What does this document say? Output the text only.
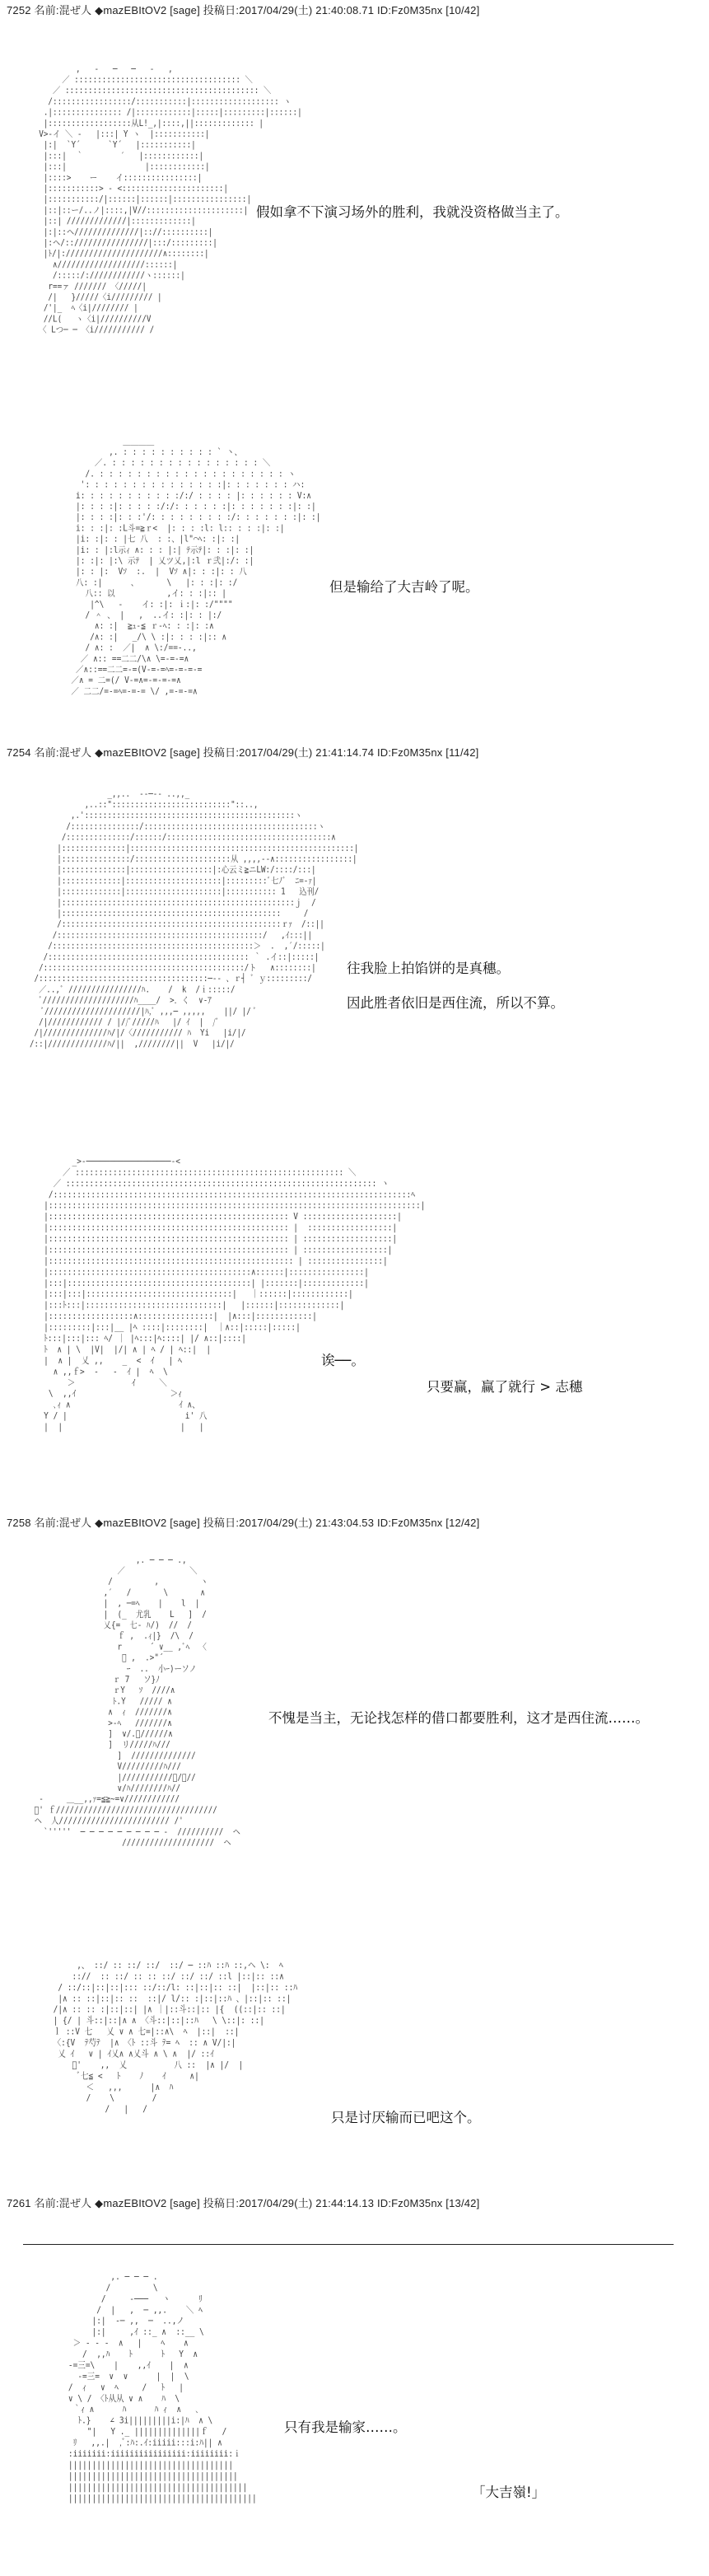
7252 名前:混ぜ人 ◆mazEBItOV2 [sage] 投稿日:2017/04/29(土) 21:40:08.71 ID:Fz0M35nx [10/42]
,   -   ─   ─   -   ,
／ :::::::::::::::::::::::::::::::::::: ＼
／ :::::::::::::::::::::::::::::::::::::::::: ＼
/:::::::::::::::::/:::::::::::|::::::::::::::::::: ヽ
.|::::::::::::::: /|::::::::::::|:::::|:::::::::|::::::|
|::::::::::::::::::从L!_,|::::,||::::::::::::: |
V>-イ ＼ -   |:::| Y ヽ  |:::::::::::|
|:|  `Y´      `Y´   |:::::::::::|
|:::|  ｀        ′   |::::::::::::|
|:::|                 |::::::::::::|
|::::>    ー    イ::::::::::::::::|
|:::::::::::> ‐ <::::::::::::::::::::::|
|:::::::::::/|::::::|::::::|::::::::::::::::|
|::|::ー/..ノ|::::,|V//:::::::::::::::::::::|
|::| /////////////|:::::::::::::|
|:|::ヘ//////////////|:://::::::::::|
|:ヘ/::////////////////|:::/:::::::::|
|ﾄ/|://///////////////////∧::::::::|
∧///////////////////::::::|
/:::::/:////////////ヽ::::::|
r==ァ /////// 〈/////|
/|   }/////〈i///////// |
/'|_  ﾍ〈i|//////// |
//L(   ヽ〈i|//////////V
〈 Lつ─ ─ 〈i/////////// /
假如拿不下演习场外的胜利，我就没资格做当主了。
＿＿＿＿
,. : : : : : : : : : : ` 丶、
／. : : : : : : : : : : : : : : : : ＼
/. : : : : : : : : : : : : : : : : : : : : ヽ
': : : : : : : : : : : : : : :|: : : : : : : ハ:
i: : : : : : : : : : :/:/ : : : : |: : : : : : V:∧
|: : : :|: : : : :/:/: : : : : :|: : : : : : :|: :|
|: : : :|: : :'/: : : : : : : : :/: : : : : : :|: :|
i: : :|: :L斗=≧ｒ<  |: : : :l: l:: : : :|: :|
|i: :|: : |七 八  : :、|l"⌒ﾍ: :|: :|
|i: : |:l示ｨ ∧: : : |:| ﾃ示ﾃ|: : :|: :|
|: :|: |:\ 示ﾃ  | 乂ツ乂,|:l ｒ弐|:/: :|
|: : |:  Vｿ  :.  |  Vｿ ∧|: : :|: : 八
八: :|      、      \   |: : :|: :/
八:: 以           ,イ: : :|:: |
|^\   ‐    イ: :|: ｉ:|: :/""""
/ ＾ 、 |   ,  ..イ: :|: : |:/
∧: :|  ≧ｭ‐≦ ｒ‐ﾍ: : :|: :∧
/∧: :|   _/\ \ :|: : : :|:: ∧
/ ∧: :  ／|  ∧ \:/==-..,
／ ∧:: ==二二/\∧ \=-=-=∧
／∧::==二二=-=(V-=-=ﾍ=-=-=-=
／∧ = 二=(/ V-=∧=-=-=-=∧
／ 二二/=-=ﾍ=-=-= \/ ,=-=-=∧
但是输给了大吉岭了呢。
7254 名前:混ぜ人 ◆mazEBItOV2 [sage] 投稿日:2017/04/29(土) 21:41:14.74 ID:Fz0M35nx [11/42]
_,,..  --─-- ..,,_
,..::"::::::::::::::::::::::::::"::..,
,.'::::::::::::::::::::::::::::::::::::::::::::::ヽ
/:::::::::::::::/::::::::::::::::::::::::::::::::::::::ヽ
/::::::::::::::/::::::/::::::::::::::::::::::::::::::::::::∧
|::::::::::::::|:::::::::::::::::::::::::::::::::::::::::::::::::|
|:::::::::::::::/:::::::::::::::::::::从 ,,,,--∧:::::::::::::::::|
|::::::::::::::|::::::::::::::::::|:心云ミ≧ニLW:/::::/:::|
|:::::::::::::|:::::::::::::::::::::|:::::::::ﾞ七ﾉﾞ  ﾆ=-ｧ|
|:::::::::::::|:::::::::::::::::::::|::::::::::: 1   込刊/
|:::::::::::::::::::::::::::::::::::::::::::::::::::ｊ  /
|::::::::::::::::::::::::::::::::::::::::::::::::     /
/::::::::::::::::::::::::::::::::::::::::::::::::ｒｧ  /::||
/:::::::::::::::::::::::::::::::::::::::::::::/   ,ｲ:::||
/::::::::::::::::::::::::::::::::::::::::::::＞  .  ,′/:::::|
/:::::::::::::::::::::::::::::::::::::::::::: ｀ .イ::|:::::|
/::::::::::::::::::::::::::::::::::::::::::::/ト   ∧::::::::|
/:::::::::::::::::::::::::::::::::::::─-- 、ｒ┤ ﾞ ｙ:::::::::/
／..,ﾞ ////////////////ﾊ.    /  k  /ｉ:::::/
ﾞ////////////////////ﾊ____/  >．く  ∨-ｱ
ﾞ/////////////////////|ﾊ,ﾞ ,,,─ ,,,,,    ||/ |/ ﾞ
/|//////////// / |//ﾞ/////ﾊ   |/ ｲ  |  /ﾞ
/|//////////////ﾊ/|/〈/////////// ﾊ  Yi   |i/|/
/::|/////////////ﾊ/||  ,////////||  V   |i/|/
往我脸上拍馅饼的是真穗。
因此胜者依旧是西住流，所以不算。
_>‐──────────────────‐<
／ ::::::::::::::::::::::::::::::::::::::::::::::::::::::::: ＼
／ :::::::::::::::::::::::::::::::::::::::::::::::::::::::::::::::::: ヽ
/::::::::::::::::::::::::::::::::::::::::::::::::::::::::::::::::::::::::::::ﾍ
|:::::::::::::::::::::::::::::::::::::::::::::::::::::::::::::::::::::::::::::::|
|::::::::::::::::::::::::::::::::::::::::::::::::::: V ::::::::::::::::::::|
|::::::::::::::::::::::::::::::::::::::::::::::::::: |  ::::::::::::::::::|
|::::::::::::::::::::::::::::::::::::::::::::::::::: | :::::::::::::::::::|
|::::::::::::::::::::::::::::::::::::::::::::::::::: | ::::::::::::::::::|
|:::::::::::::::::::::::::::::::::::::::::::::::::::: | ::::::::::::::::|
|:::::::::::::::::::::::::::::::::::::::::::∧::::::|::::::::::::::::|
|:::|:::::::::::::::::::::::::::::::::::::::| |:::::::|:::::::::::::|
|:::|:::|:::::::::::::::::::::::::::::::|   ｜::::::|::::::::::::|
|:::ﾄ:::|:::::::::::::::::::::::::::::|   |::::::|:::::::::::::|
|::::::::::::::::::∧::::::::::::::::|  |∧:::|::::::::::::|
|:::::::::|:::|__ |ﾍ ::::|::::::::|  ｜∧::|:::::|:::::|
ﾄ:::|:::|::: ﾍ/ ｜ |ﾍ:::|ﾍ::::| |/ ∧::|::::|
ﾄ  ∧ | \  |V|  |/| ∧ | ﾍ / | ﾍ::|  |
|  ∧ |  乂 ,,    _  <  ｲ   | ﾍ
∧ ,,ｆ>  ‐   ‐  ｲ |  ﾍ  \
＞            ｲ     ＼
\  ,,ｲ                    ＞ｨ
､ｨ ∧                       ｲ ∧、
Y / |                         i' 八
|  |                         |   |
诶──。
只要赢，赢了就行 > 志穗
7258 名前:混ぜ人 ◆mazEBItOV2 [sage] 投稿日:2017/04/29(土) 21:43:04.53 ID:Fz0M35nx [12/42]
,. ─ ─ ─ .,
／              ＼
/         ,         ヽ
,′   /       \       ∧
|  , ─=ﾍ    |    l  |
|  (_  尤乳    L   ]  /
乂{=  七‐ ﾊ/)  //  /
ｆ ,  .ｨ|}  /\  /
r      ´ ∨__ ,ﾞﾍ  〈
ﾞ ,  .>"´
ｰ  ..  小ｰ)ーソノ
ｒ 7   ソ}ﾉ
ｒY   ｿ  ////∧
ﾄ.Y   ///// ∧
∧  ｨ  ///////∧
>-ﾍ   ///////∧
]  ∨/.ﾟ//////∧
]  リ/////ﾊ///
]  //////////////
V/////////ﾊ///
|///////////ﾟ/ﾟ//
∨/ﾊ////////ﾊ//
-     ＿__,,ｧ=≦≧~=∨////////////
ﾞ' ｆ///////////////////////////////////
ヘ  人//////////////////////// /'
`'''''  ─ ─ ─ ─ ─ ─ ─ ─ ─ -  //////////  ヘ
////////////////////  ヘ
不愧是当主，无论找怎样的借口都要胜利，这才是西住流……。
,、 ::/ :: ::/ ::/  ::/ ─ ::ﾊ ::ﾊ ::,ヘ \:  ﾍ
:://  :: ::/ :: :: ::/ ::/ ::/ ::l |::|:: ::∧
/ ::/::|::|::|::: ::/::/l: ::|::|:: ::|  |::|:: ::ﾊ
|∧ :: ::|::|:: ::  ::|/ l/:: :|::|::ﾊ 、|::|:: ::|
/|∧ :: :: :|::|::| |∧ ｜|::斗::|:: |{  ((::|:: ::|
| {/ | 斗::|::|∧ ∧ 〈斗::|::|::ﾊ   \ \::|: ::|
ｌ ::V 七   乂 ∨ ∧ 七=|::∧\  ﾍ  |::|  ::|
〈:{V  ﾃ芍ﾃ  |∧ 〈ﾄ ::斗 ﾃ= ﾍ  :: ∧ V/|:|
乂 ｲ   ∨ | ｲ乂∧ ∧乂斗 ∧ \ ∧  |/ ::ｲ
ﾞ'    ,,  乂          八 ::  |∧ |/  |
ﾞ七≦ <   ﾄ    ﾉ    ｲ     ∧|
＜   ,,,      |∧  ﾊ
/    \        /
/   |   /
只是讨厌输而已吧这个。
7261 名前:混ぜ人 ◆mazEBItOV2 [sage] 投稿日:2017/04/29(土) 21:44:14.13 ID:Fz0M35nx [13/42]
,. ─ ─ ─ .
/         \
/     -───   ヽ      ﾘ
/  |   ,  ─ ,,.    ＼ ﾍ
|:|  -─ ,,  ─  ..,ノ
|:|     ,ｲ ::_ ∧  ::__ \
＞ - - ‐  ∧   |    ﾍ    ∧
/  ,,ﾊ    ﾄ      ﾄ   Y  ∧
-=三=\    |    ,,ｲ    |  ∧
-=三=  ∨  ∨      |  |  \
/  ｨ   ∨  ﾍ     /   ﾄ   |
∨ \ / 〈ﾄ从从 ∨ ∧    ﾊ  \
｀ｨ ∧      ﾊ      ﾊ ｨ  ∧   ､
ﾄ.}    ∠ 3i|||||||||i:|ﾊ  ∧ \
"|   Y ._ ||||||||||||||ｆ   /
ﾘ   ,,.|  ,ﾞ:ﾊ:.ｲ:iiiii:::i:ﾊ|| ∧
:iiiiiii:iiiiiiiiiiiiiiii:iiiiiiii:ｉ
|||||||||||||||||||||||||||||||||||
||||||||||||||||||||||||||||||||||||
||||||||||||||||||||||||||||||||||||||
||||||||||||||||||||||||||||||||||||||||
只有我是输家……。
「大吉嶺!」
